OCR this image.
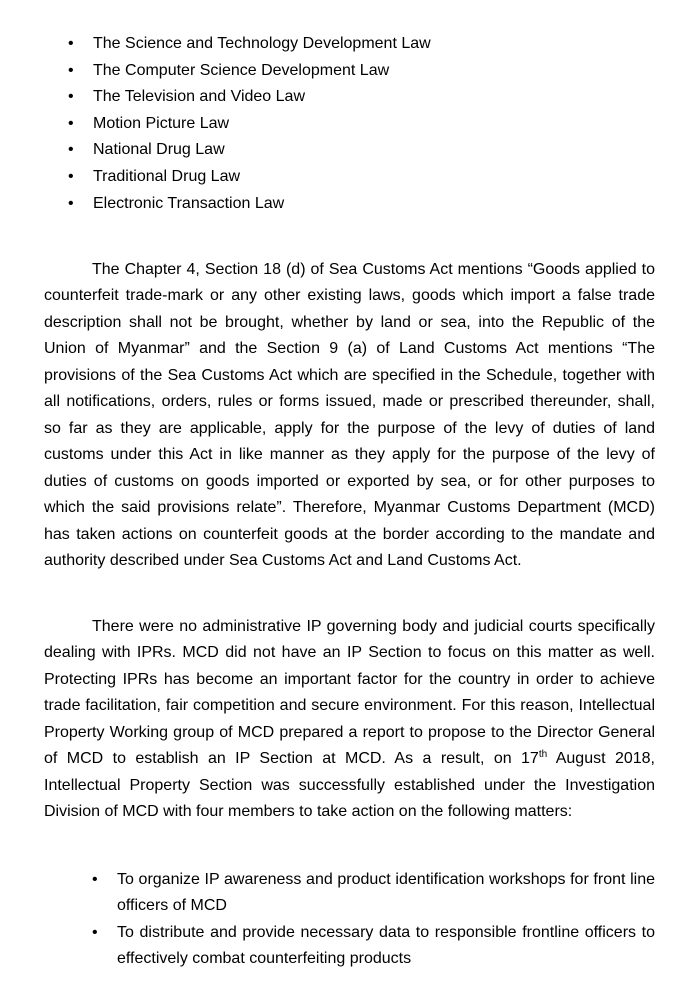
• The Science and Technology Development Law
• The Computer Science Development Law
• The Television and Video Law
• Motion Picture Law
• National Drug Law
• Traditional Drug Law
• Electronic Transaction Law

The Chapter 4, Section 18 (d) of Sea Customs Act mentions “Goods applied to counterfeit trade-mark or any other existing laws, goods which import a false trade description shall not be brought, whether by land or sea, into the Republic of the Union of Myanmar” and the Section 9 (a) of Land Customs Act mentions “The provisions of the Sea Customs Act which are specified in the Schedule, together with all notifications, orders, rules or forms issued, made or prescribed thereunder, shall, so far as they are applicable, apply for the purpose of the levy of duties of land customs under this Act in like manner as they apply for the purpose of the levy of duties of customs on goods imported or exported by sea, or for other purposes to which the said provisions relate”. Therefore, Myanmar Customs Department (MCD) has taken actions on counterfeit goods at the border according to the mandate and authority described under Sea Customs Act and Land Customs Act.

There were no administrative IP governing body and judicial courts specifically dealing with IPRs. MCD did not have an IP Section to focus on this matter as well. Protecting IPRs has become an important factor for the country in order to achieve trade facilitation, fair competition and secure environment. For this reason, Intellectual Property Working group of MCD prepared a report to propose to the Director General of MCD to establish an IP Section at MCD. As a result, on 17th August 2018, Intellectual Property Section was successfully established under the Investigation Division of MCD with four members to take action on the following matters:

• To organize IP awareness and product identification workshops for front line officers of MCD
• To distribute and provide necessary data to responsible frontline officers to effectively combat counterfeiting products
